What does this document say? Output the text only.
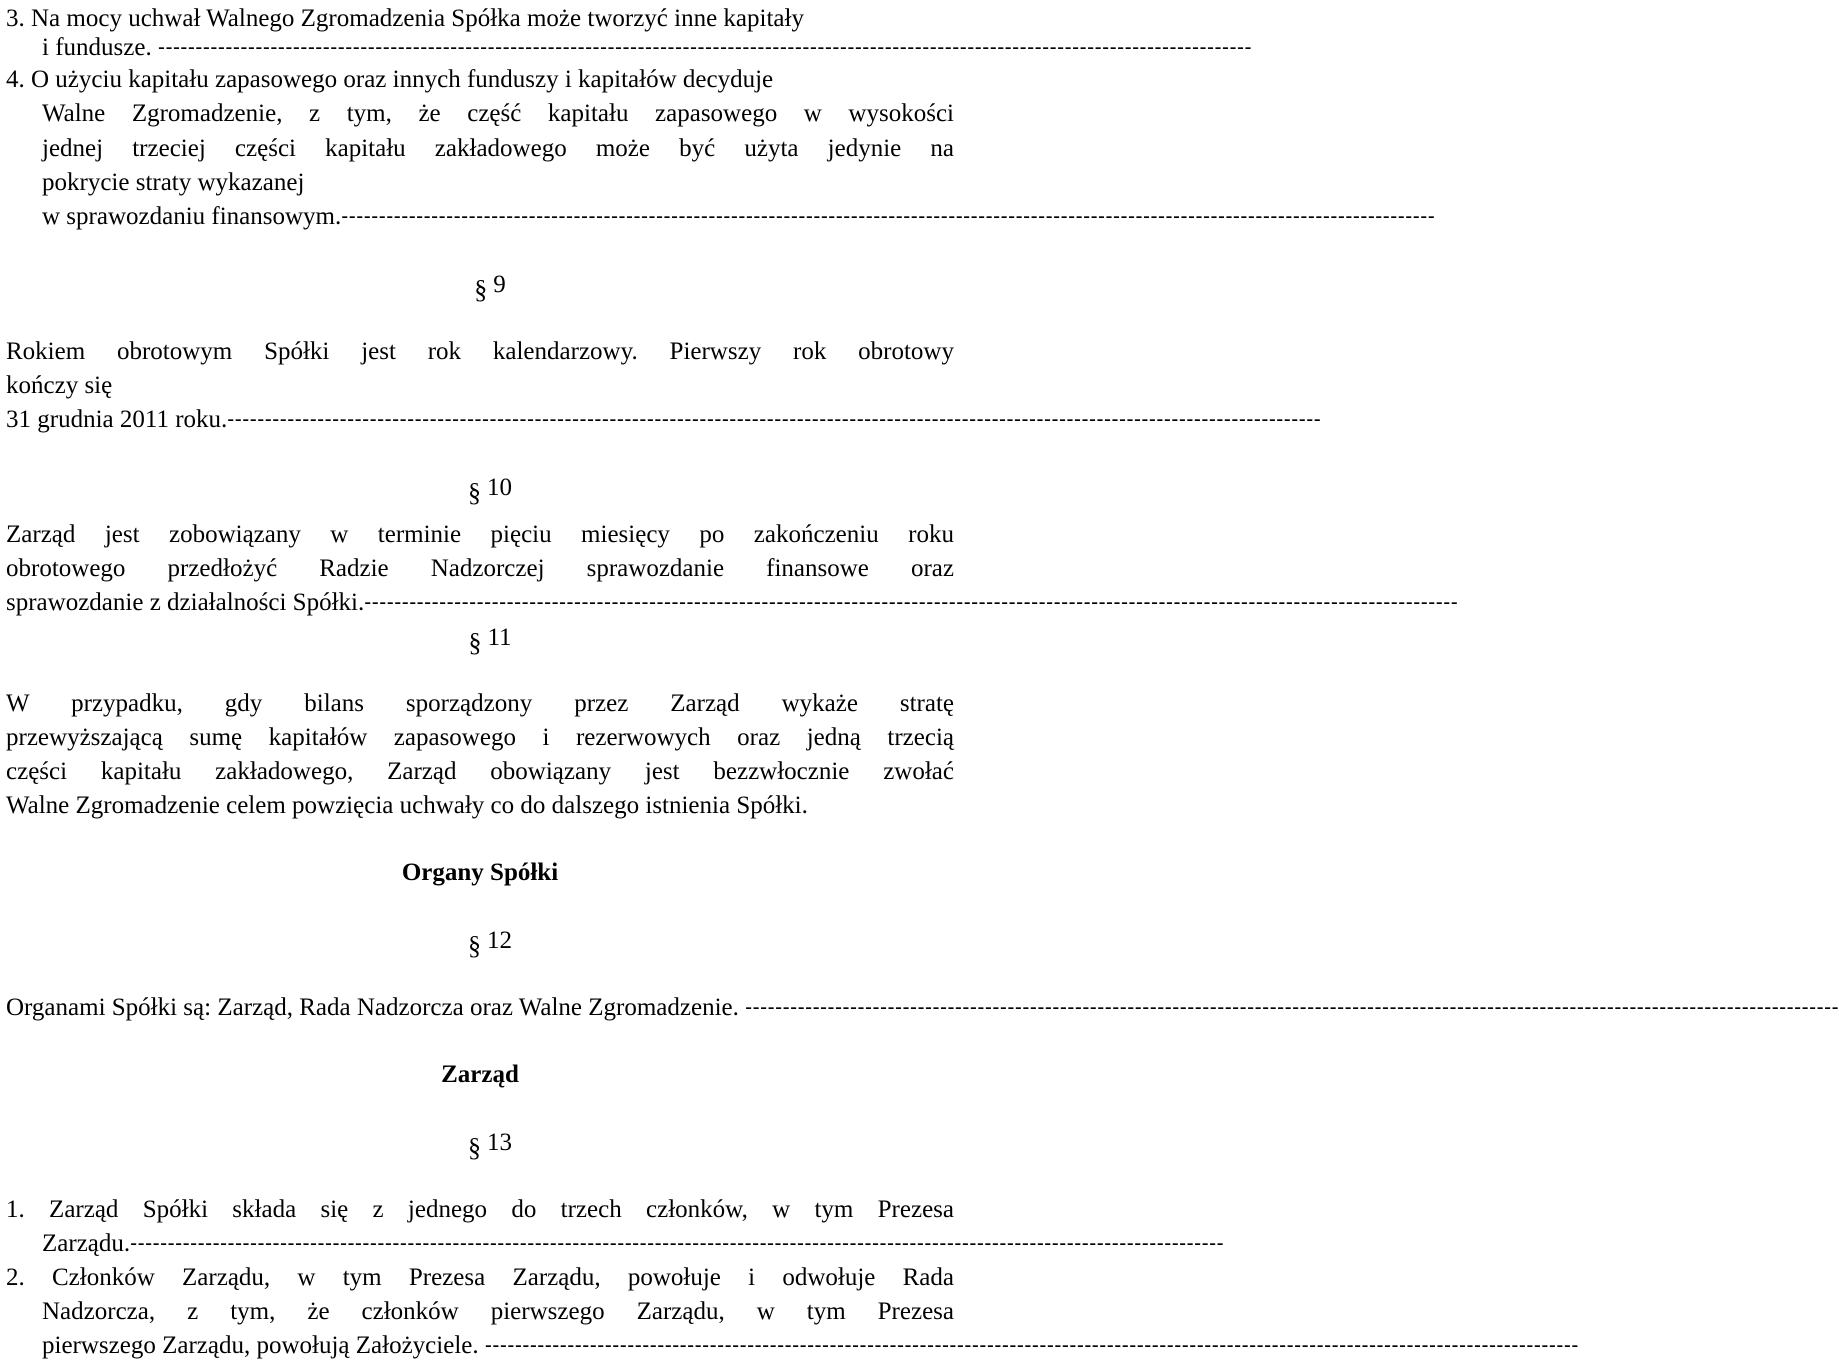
3. Na mocy uchwał Walnego Zgromadzenia Spółka może tworzyć inne kapitały
i fundusze. --------------------------------------------------------------------------------------------------------------------------------------------------
4. O użyciu kapitału zapasowego oraz innych funduszy i kapitałów decyduje
Walne Zgromadzenie, z tym, że część kapitału zapasowego w wysokości
jednej trzeciej części kapitału zakładowego może być użyta jedynie na
pokrycie straty wykazanej
w sprawozdaniu finansowym. --------------------------------------------------------------------------------------------------------------------------------------------------
§ 9
Rokiem obrotowym Spółki jest rok kalendarzowy. Pierwszy rok obrotowy
kończy się
31 grudnia 2011 roku. --------------------------------------------------------------------------------------------------------------------------------------------------
§ 10
Zarząd jest zobowiązany w terminie pięciu miesięcy po zakończeniu roku
obrotowego przedłożyć Radzie Nadzorczej sprawozdanie finansowe oraz
sprawozdanie z działalności Spółki. --------------------------------------------------------------------------------------------------------------------------------------------------
§ 11
W przypadku, gdy bilans sporządzony przez Zarząd wykaże stratę
przewyższającą sumę kapitałów zapasowego i rezerwowych oraz jedną trzecią
części kapitału zakładowego, Zarząd obowiązany jest bezzwłocznie zwołać
Walne Zgromadzenie celem powzięcia uchwały co do dalszego istnienia Spółki.
Organy Spółki
§ 12
Organami Spółki są: Zarząd, Rada Nadzorcza oraz Walne Zgromadzenie. --------------------------------------------------------------------------------------------------------------------------------------------------
Zarząd
§ 13
1. Zarząd Spółki składa się z jednego do trzech członków, w tym Prezesa
Zarządu. --------------------------------------------------------------------------------------------------------------------------------------------------
2. Członków Zarządu, w tym Prezesa Zarządu, powołuje i odwołuje Rada
Nadzorcza, z tym, że członków pierwszego Zarządu, w tym Prezesa
pierwszego Zarządu, powołują Założyciele. --------------------------------------------------------------------------------------------------------------------------------------------------
